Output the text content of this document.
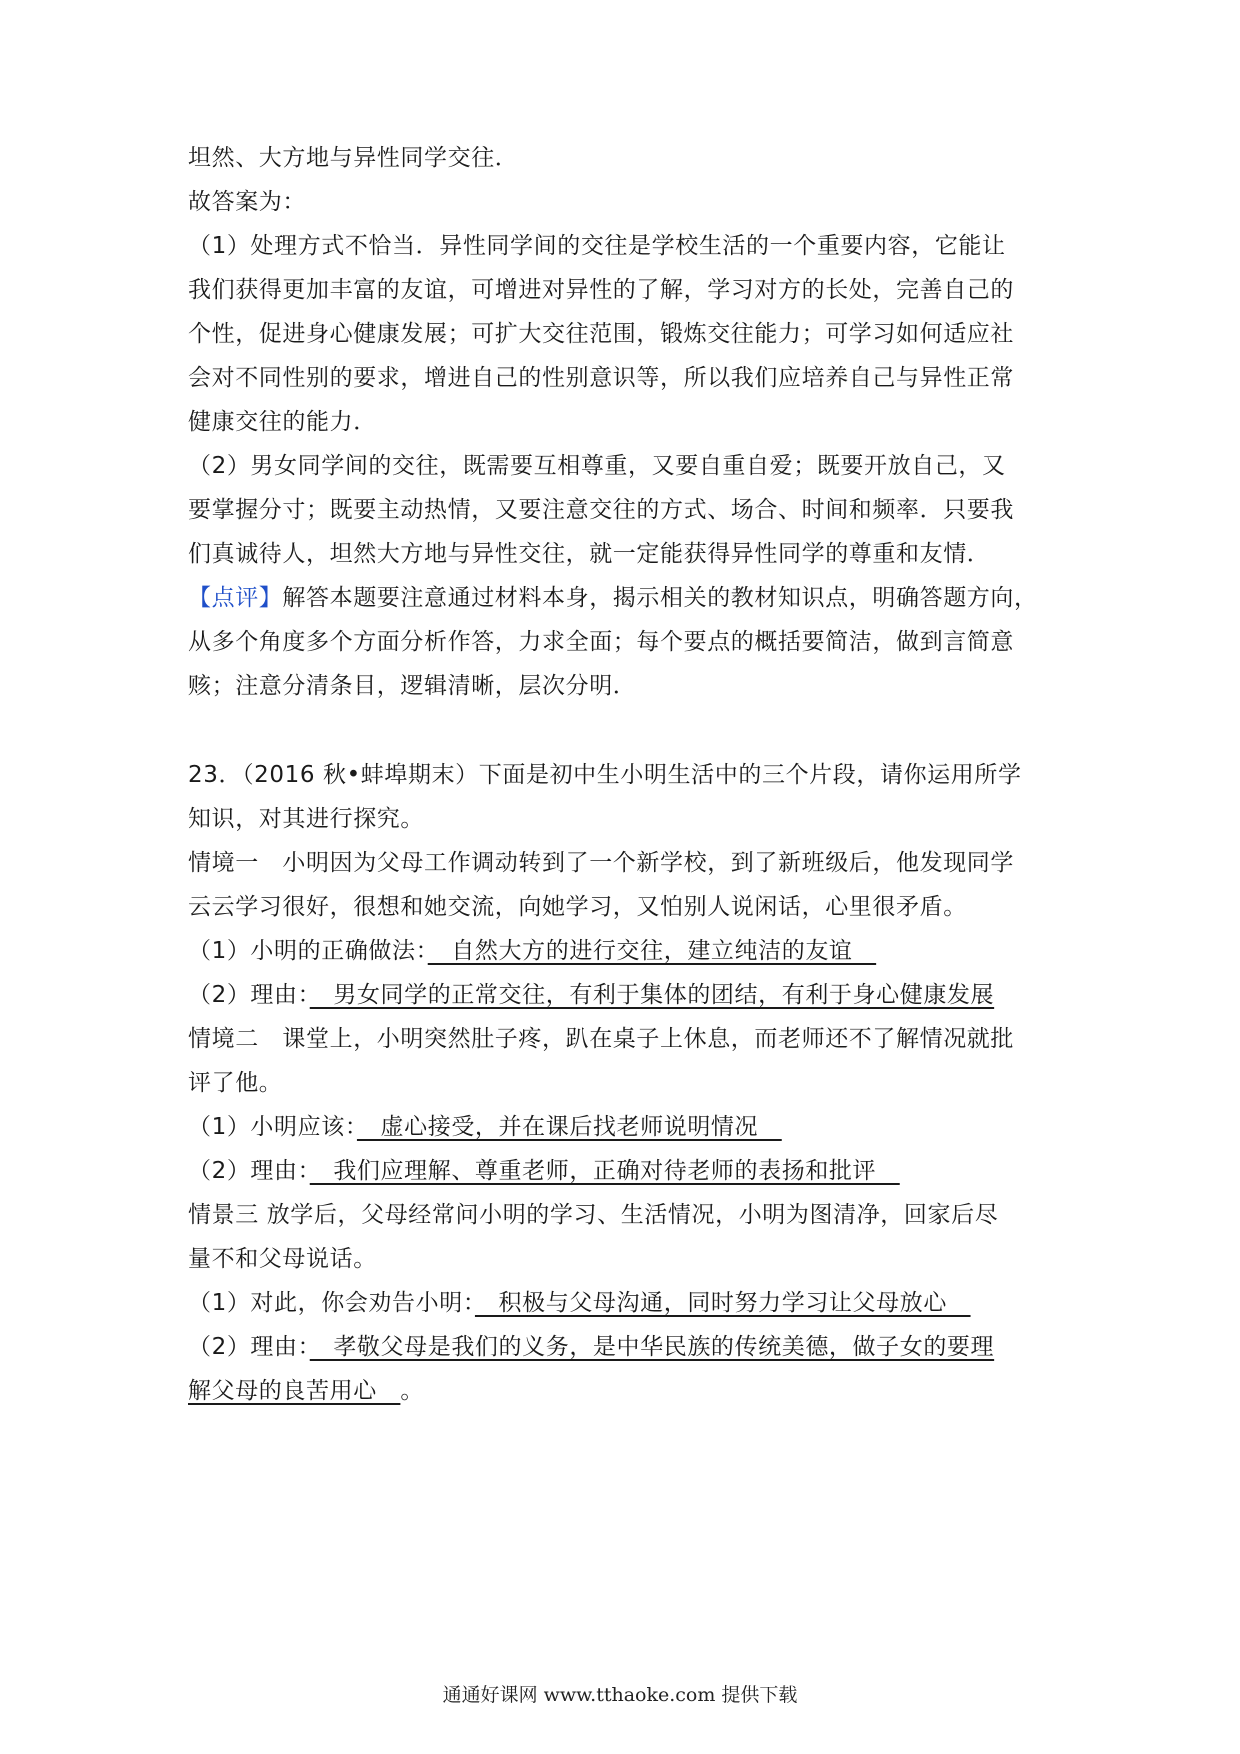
坦然、大方地与异性同学交往．
故答案为：
（1）处理方式不恰当．异性同学间的交往是学校生活的一个重要内容，它能让
我们获得更加丰富的友谊，可增进对异性的了解，学习对方的长处，完善自己的
个性，促进身心健康发展；可扩大交往范围，锻炼交往能力；可学习如何适应社
会对不同性别的要求，增进自己的性别意识等，所以我们应培养自己与异性正常
健康交往的能力．
（2）男女同学间的交往，既需要互相尊重，又要自重自爱；既要开放自己，又
要掌握分寸；既要主动热情，又要注意交往的方式、场合、时间和频率．只要我
们真诚待人，坦然大方地与异性交往，就一定能获得异性同学的尊重和友情．
【点评】解答本题要注意通过材料本身，揭示相关的教材知识点，明确答题方向，
从多个角度多个方面分析作答，力求全面；每个要点的概括要简洁，做到言简意
赅；注意分清条目，逻辑清晰，层次分明．
23．（2016 秋•蚌埠期末）下面是初中生小明生活中的三个片段，请你运用所学
知识，对其进行探究。
情境一　小明因为父母工作调动转到了一个新学校，到了新班级后，他发现同学
云云学习很好，很想和她交流，向她学习，又怕别人说闲话，心里很矛盾。
（1）小明的正确做法：　自然大方的进行交往，建立纯洁的友谊　
（2）理由：　男女同学的正常交往，有利于集体的团结，有利于身心健康发展
情境二　课堂上，小明突然肚子疼，趴在桌子上休息，而老师还不了解情况就批
评了他。
（1）小明应该：　虚心接受，并在课后找老师说明情况　
（2）理由：　我们应理解、尊重老师，正确对待老师的表扬和批评　
情景三 放学后，父母经常问小明的学习、生活情况，小明为图清净，回家后尽
量不和父母说话。
（1）对此，你会劝告小明：　积极与父母沟通，同时努力学习让父母放心　
（2）理由：　孝敬父母是我们的义务，是中华民族的传统美德，做子女的要理
解父母的良苦用心　。
通通好课网 www.tthaoke.com 提供下载
